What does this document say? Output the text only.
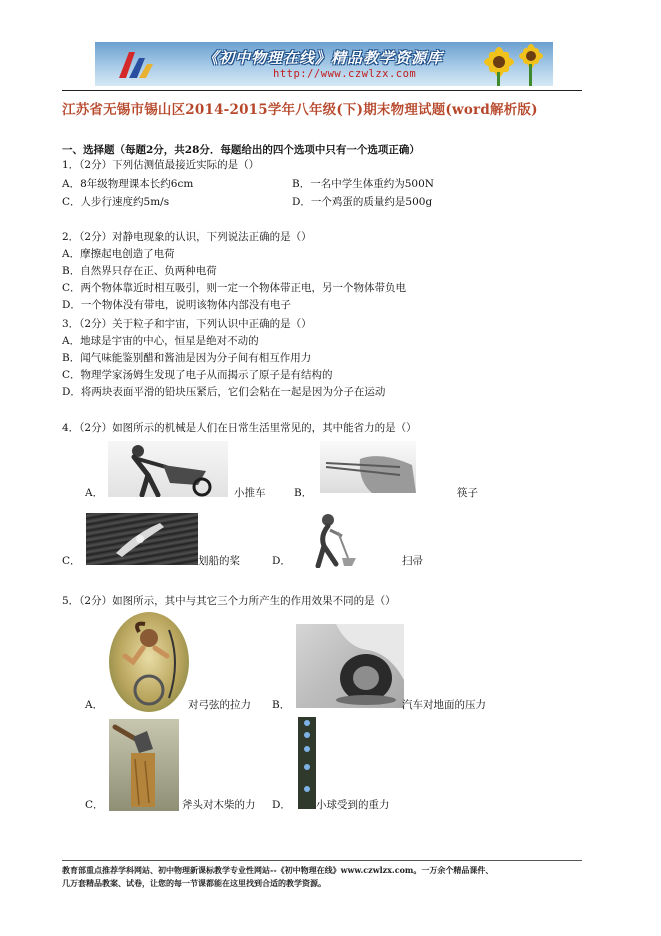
《初中物理在线》精品教学资源库
http://www.czwlzx.com
江苏省无锡市锡山区2014-2015学年八年级(下)期末物理试题(word解析版)
一、选择题（每题2分，共28分．每题给出的四个选项中只有一个选项正确）
1．（2分）下列估测值最接近实际的是（）
A．8年级物理课本长约6cm	B．一名中学生体重约为500N
C．人步行速度约5m/s	D．一个鸡蛋的质量约是500g
2．（2分）对静电现象的认识，下列说法正确的是（）
A．摩擦起电创造了电荷
B．自然界只存在正、负两种电荷
C．两个物体靠近时相互吸引，则一定一个物体带正电，另一个物体带负电
D．一个物体没有带电，说明该物体内部没有电子
3．（2分）关于粒子和宇宙，下列认识中正确的是（）
A．地球是宇宙的中心，恒星是绝对不动的
B．闻气味能鉴别醋和酱油是因为分子间有相互作用力
C．物理学家汤姆生发现了电子从而揭示了原子是有结构的
D．将两块表面平滑的铅块压紧后，它们会粘在一起是因为分子在运动
4．（2分）如图所示的机械是人们在日常生活里常见的，其中能省力的是（）
A．	小推车	B．	筷子
C．	划船的桨	D．	扫帚
5．（2分）如图所示，其中与其它三个力所产生的作用效果不同的是（）
A．	对弓弦的拉力 B．	汽车对地面的压力
C．	斧头对木柴的力 D． 小球受到的重力
教育部重点推荐学科网站、初中物理新课标教学专业性网站--《初中物理在线》www.czwlzx.com。一万余个精品课件、
几万套精品教案、试卷，让您的每一节课都能在这里找到合适的教学资源。
